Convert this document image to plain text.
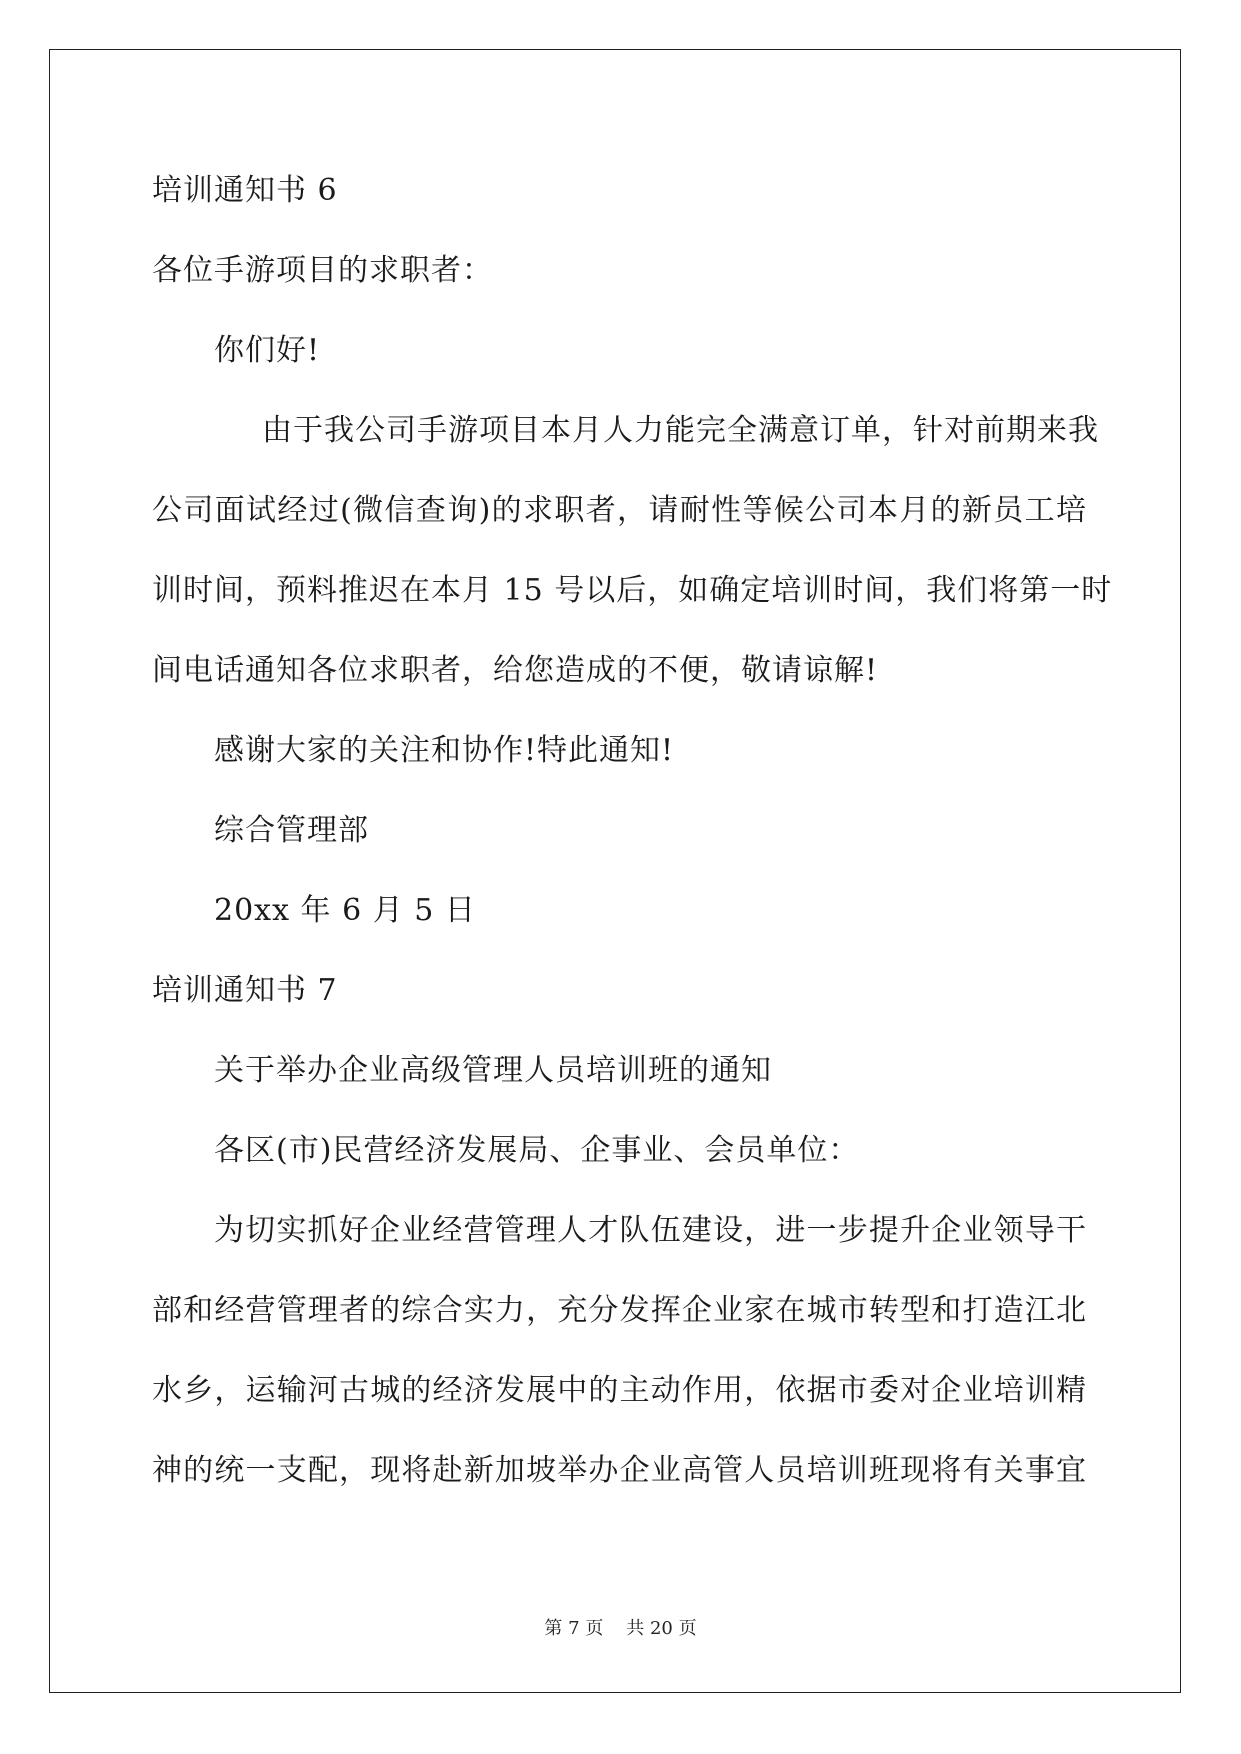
培训通知书 6
各位手游项目的求职者：
你们好!
由于我公司手游项目本月人力能完全满意订单，针对前期来我
公司面试经过(微信查询)的求职者，请耐性等候公司本月的新员工培
训时间，预料推迟在本月 15 号以后，如确定培训时间，我们将第一时
间电话通知各位求职者，给您造成的不便，敬请谅解!
感谢大家的关注和协作!特此通知!
综合管理部
20xx 年 6 月 5 日
培训通知书 7
关于举办企业高级管理人员培训班的通知
各区(市)民营经济发展局、企事业、会员单位：
为切实抓好企业经营管理人才队伍建设，进一步提升企业领导干
部和经营管理者的综合实力，充分发挥企业家在城市转型和打造江北
水乡，运输河古城的经济发展中的主动作用，依据市委对企业培训精
神的统一支配，现将赴新加坡举办企业高管人员培训班现将有关事宜
第 7 页 共 20 页
